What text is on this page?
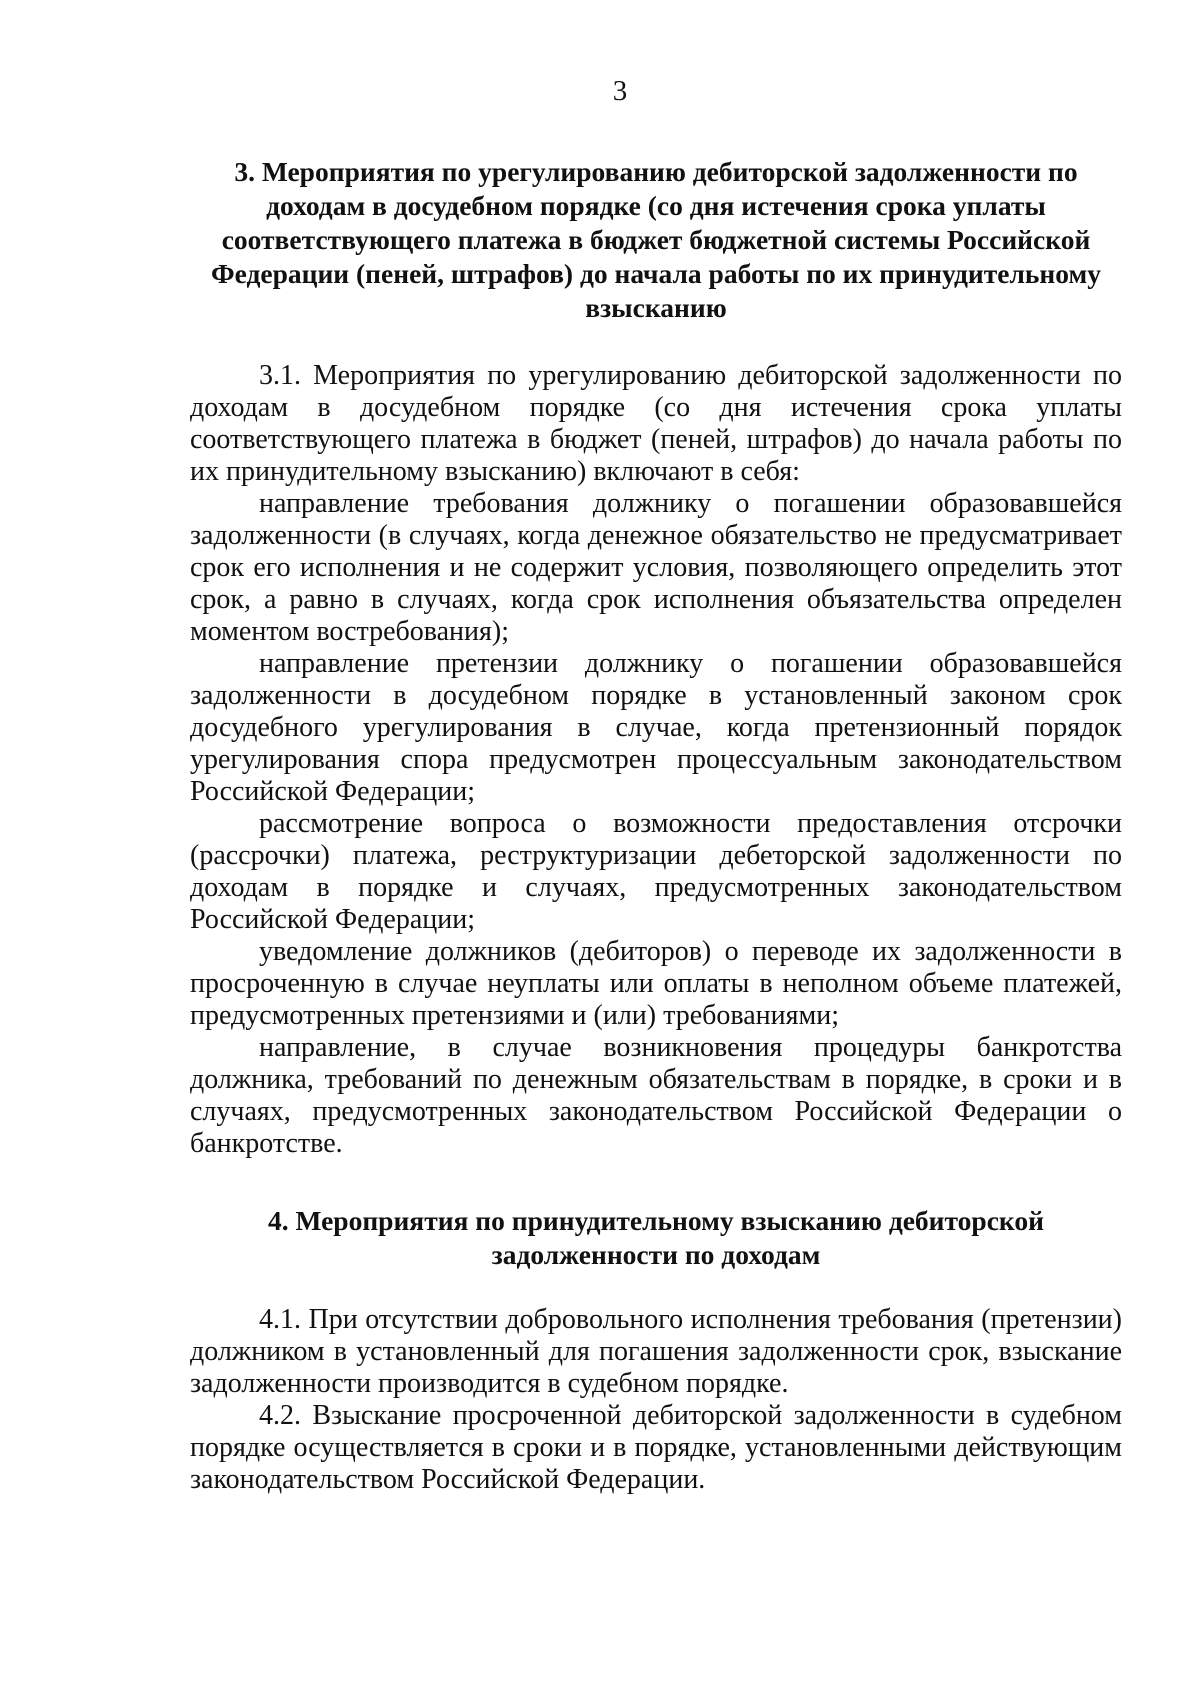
3

3. Мероприятия по урегулированию дебиторской задолженности по доходам в досудебном порядке (со дня истечения срока уплаты соответствующего платежа в бюджет бюджетной системы Российской Федерации (пеней, штрафов) до начала работы по их принудительному взысканию

3.1. Мероприятия по урегулированию дебиторской задолженности по доходам в досудебном порядке (со дня истечения срока уплаты соответствующего платежа в бюджет (пеней, штрафов) до начала работы по их принудительному взысканию) включают в себя:

направление требования должнику о погашении образовавшейся задолженности (в случаях, когда денежное обязательство не предусматривает срок его исполнения и не содержит условия, позволяющего определить этот срок, а равно в случаях, когда срок исполнения объязательства определен моментом востребования);

направление претензии должнику о погашении образовавшейся задолженности в досудебном порядке в установленный законом срок досудебного урегулирования в случае, когда претензионный порядок урегулирования спора предусмотрен процессуальным законодательством Российской Федерации;

рассмотрение вопроса о возможности предоставления отсрочки (рассрочки) платежа, реструктуризации дебеторской задолженности по доходам в порядке и случаях, предусмотренных законодательством Российской Федерации;

уведомление должников (дебиторов) о переводе их задолженности в просроченную в случае неуплаты или оплаты в неполном объеме платежей, предусмотренных претензиями и (или) требованиями;

направление, в случае возникновения процедуры банкротства должника, требований по денежным обязательствам в порядке, в сроки и в случаях, предусмотренных законодательством Российской Федерации о банкротстве.

4. Мероприятия по принудительному взысканию дебиторской задолженности по доходам

4.1. При отсутствии добровольного исполнения требования (претензии) должником в установленный для погашения задолженности срок, взыскание задолженности производится в судебном порядке.

4.2. Взыскание просроченной дебиторской задолженности в судебном порядке осуществляется в сроки и в порядке, установленными действующим законодательством Российской Федерации.
